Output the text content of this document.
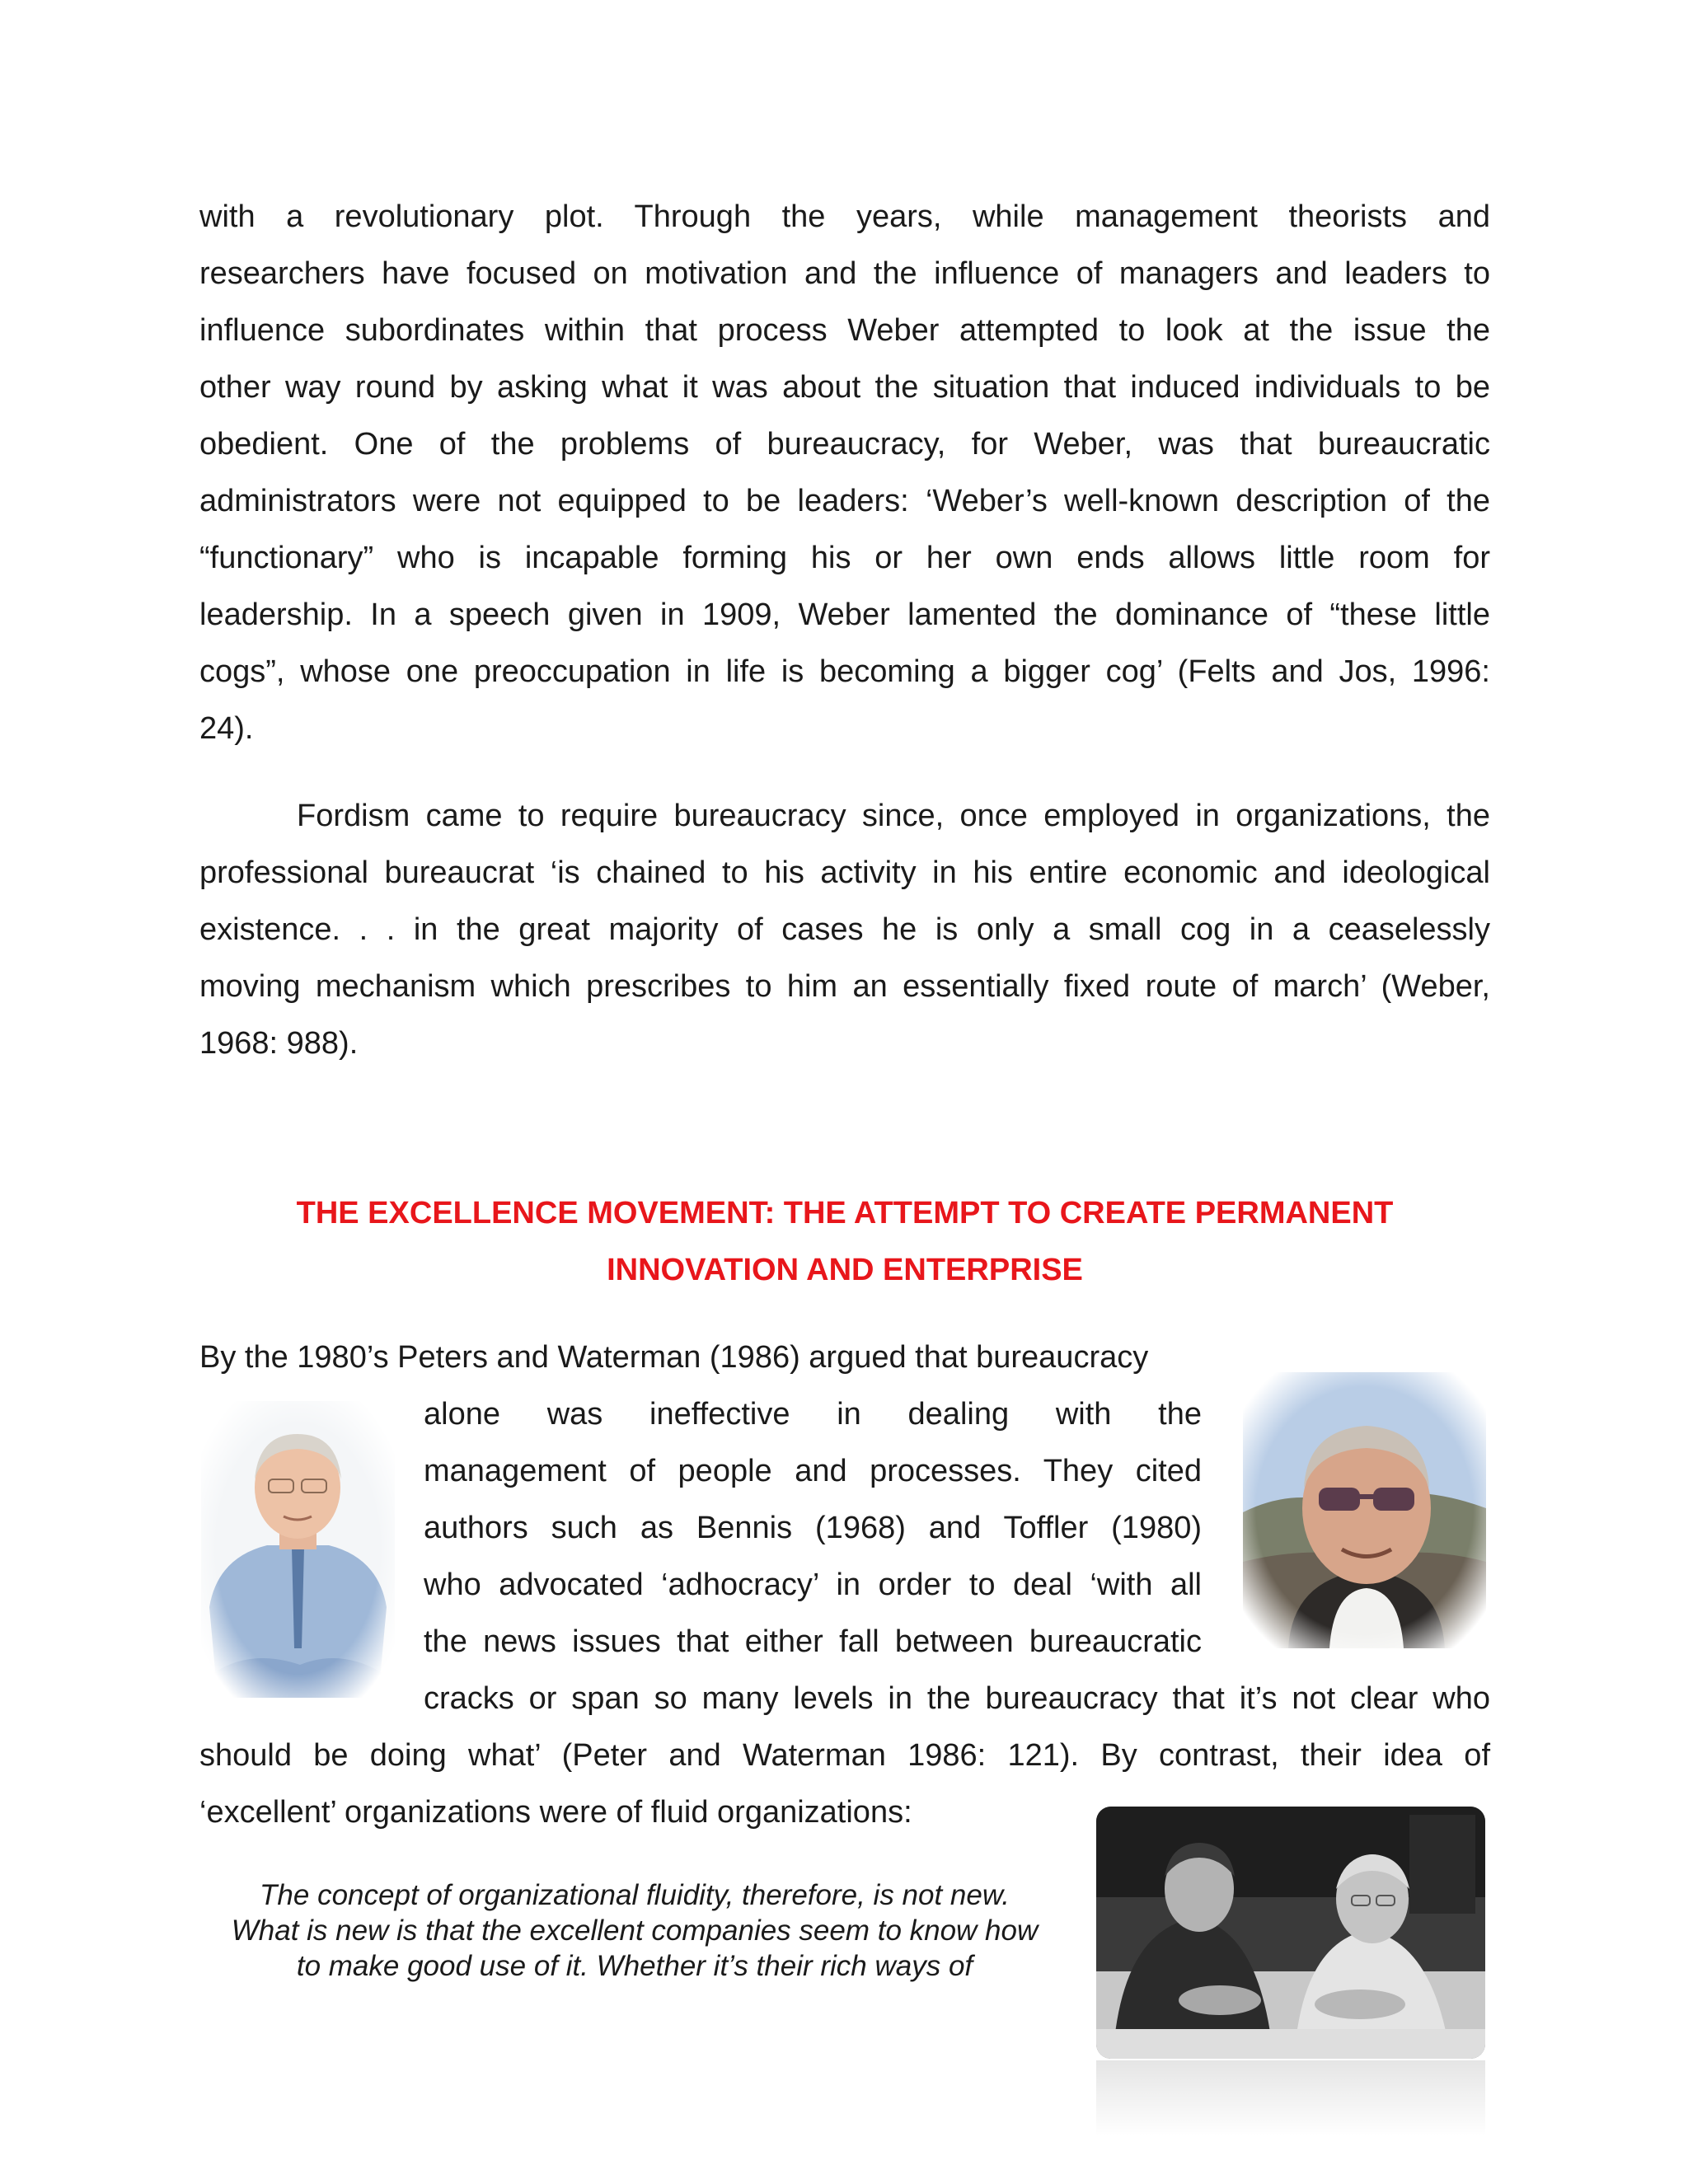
with a revolutionary plot. Through the years, while management theorists and
researchers have focused on motivation and the influence of managers and leaders to
influence subordinates within that process Weber attempted to look at the issue the
other way round by asking what it was about the situation that induced individuals to be
obedient. One of the problems of bureaucracy, for Weber, was that bureaucratic
administrators were not equipped to be leaders: ‘Weber’s well-known description of the
“functionary” who is incapable forming his or her own ends allows little room for
leadership. In a speech given in 1909, Weber lamented the dominance of “these little
cogs”, whose one preoccupation in life is becoming a bigger cog’ (Felts and Jos, 1996:
24).
Fordism came to require bureaucracy since, once employed in organizations, the
professional bureaucrat ‘is chained to his activity in his entire economic and ideological
existence. . . in the great majority of cases he is only a small cog in a ceaselessly
moving mechanism which prescribes to him an essentially fixed route of march’ (Weber,
1968: 988).
THE EXCELLENCE MOVEMENT: THE ATTEMPT TO CREATE PERMANENT
INNOVATION AND ENTERPRISE
By the 1980’s Peters and Waterman (1986) argued that bureaucracy
alone was ineffective in dealing with the
management of people and processes. They cited
authors such as Bennis (1968) and Toffler (1980)
who advocated ‘adhocracy’ in order to deal ‘with all
the news issues that either fall between bureaucratic
cracks or span so many levels in the bureaucracy that it’s not clear who
should be doing what’ (Peter and Waterman 1986: 121). By contrast, their idea of
‘excellent’ organizations were of fluid organizations:
The concept of organizational fluidity, therefore, is not new.
What is new is that the excellent companies seem to know how
to make good use of it. Whether it’s their rich ways of
